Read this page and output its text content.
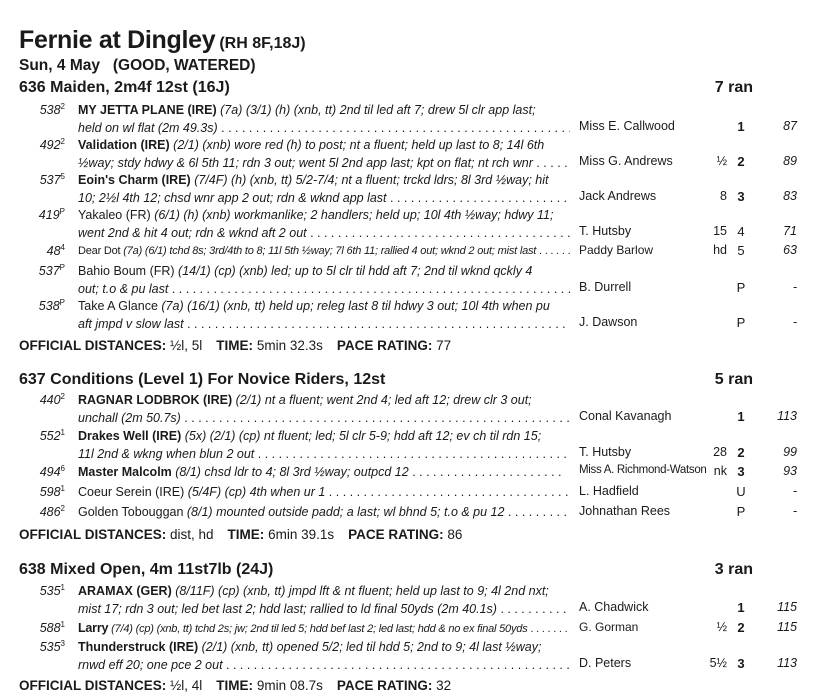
Fernie at Dingley (RH 8F,18J)
Sun, 4 May (GOOD, WATERED)
636 Maiden, 2m4f 12st (16J)	7 ran
$538^2$ MY JETTA PLANE (IRE) (7a) (3/1) (h) (xnb, tt) 2nd til led aft 7; drew 5l clr app last;
held on wl flat (2m 49.3s) . . .	Miss E. Callwood	1	87
$492^2$ Validation (IRE) (2/1) (xnb) wore red (h) to post; nt a fluent; held up last to 8; 14l 6th
½way; stdy hdwy & 6l 5th 11; rdn 3 out; went 5l 2nd app last; kpt on flat; nt rch wnr . . .	Miss G. Andrews	½ 2	89
$537^5$ Eoin's Charm (IRE) (7/4F) (h) (xnb, tt) 5/2-7/4; nt a fluent; trckd ldrs; 8l 3rd ½way; hit
10; 2½l 4th 12; chsd wnr app 2 out; rdn & wknd app last . . .	Jack Andrews	8 3	83
$419^P$ Yakaleo (FR) (6/1) (h) (xnb) workmanlike; 2 handlers; held up; 10l 4th ½way; hdwy 11;
went 2nd & hit 4 out; rdn & wknd aft 2 out . . .	T. Hutsby	15 4	71
$48^4$ Dear Dot (7a) (6/1) tchd 8s; 3rd/4th to 8; 11l 5th ½way; 7l 6th 11; rallied 4 out; wknd 2 out; mist last . . .	Paddy Barlow	hd 5	63
$537^P$ Bahio Boum (FR) (14/1) (cp) (xnb) led; up to 5l clr til hdd aft 7; 2nd til wknd qckly 4
out; t.o & pu last . . .	B. Durrell	P	-
$538^P$ Take A Glance (7a) (16/1) (xnb, tt) held up; releg last 8 til hdwy 3 out; 10l 4th when pu
aft jmpd v slow last . . .	J. Dawson	P	-
OFFICIAL DISTANCES: ½l, 5l TIME: 5min 32.3s PACE RATING: 77
637 Conditions (Level 1) For Novice Riders, 12st	5 ran
$440^2$ RAGNAR LODBROK (IRE) (2/1) nt a fluent; went 2nd 4; led aft 12; drew clr 3 out;
unchall (2m 50.7s) . . .	Conal Kavanagh	1	113
$552^1$ Drakes Well (IRE) (5x) (2/1) (cp) nt fluent; led; 5l clr 5-9; hdd aft 12; ev ch til rdn 15;
11l 2nd & wkng when blun 2 out . . .	T. Hutsby	28 2	99
$494^6$ Master Malcolm (8/1) chsd ldr to 4; 8l 3rd ½way; outpcd 12 . . .	Miss A. Richmond-Watson nk 3	93
$598^1$ Coeur Serein (IRE) (5/4F) (cp) 4th when ur 1 . . .	L. Hadfield	U	-
$486^2$ Golden Tobouggan (8/1) mounted outside padd; a last; wl bhnd 5; t.o & pu 12 . . .	Johnathan Rees	P	-
OFFICIAL DISTANCES: dist, hd TIME: 6min 39.1s PACE RATING: 86
638 Mixed Open, 4m 11st7lb (24J)	3 ran
$535^1$ ARAMAX (GER) (8/11F) (cp) (xnb, tt) jmpd lft & nt fluent; held up last to 9; 4l 2nd nxt;
mist 17; rdn 3 out; led bet last 2; hdd last; rallied to ld final 50yds (2m 40.1s) . . .	A. Chadwick	1	115
$588^1$ Larry (7/4) (cp) (xnb, tt) tchd 2s; jw; 2nd til led 5; hdd bef last 2; led last; hdd & no ex final 50yds . . .	G. Gorman	½ 2	115
$535^3$ Thunderstruck (IRE) (2/1) (xnb, tt) opened 5/2; led til hdd 5; 2nd to 9; 4l last ½way;
rnwd eff 20; one pce 2 out . . .	D. Peters	5½ 3	113
OFFICIAL DISTANCES: ½l, 4l TIME: 9min 08.7s PACE RATING: 32
